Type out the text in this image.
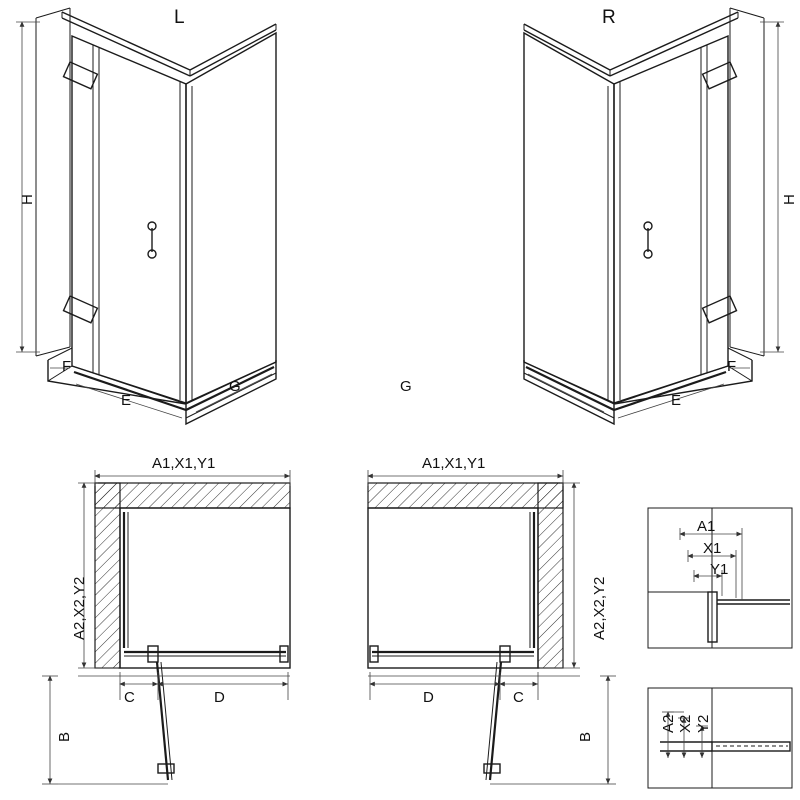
L	R
H	H
F
E
G
F
E
G
A1,X1,Y1
A2,X2,Y2
C	D
B
A1,X1,Y1
A2,X2,Y2
D	C
B
A1
X1
Y1
A2 X2 Y2
